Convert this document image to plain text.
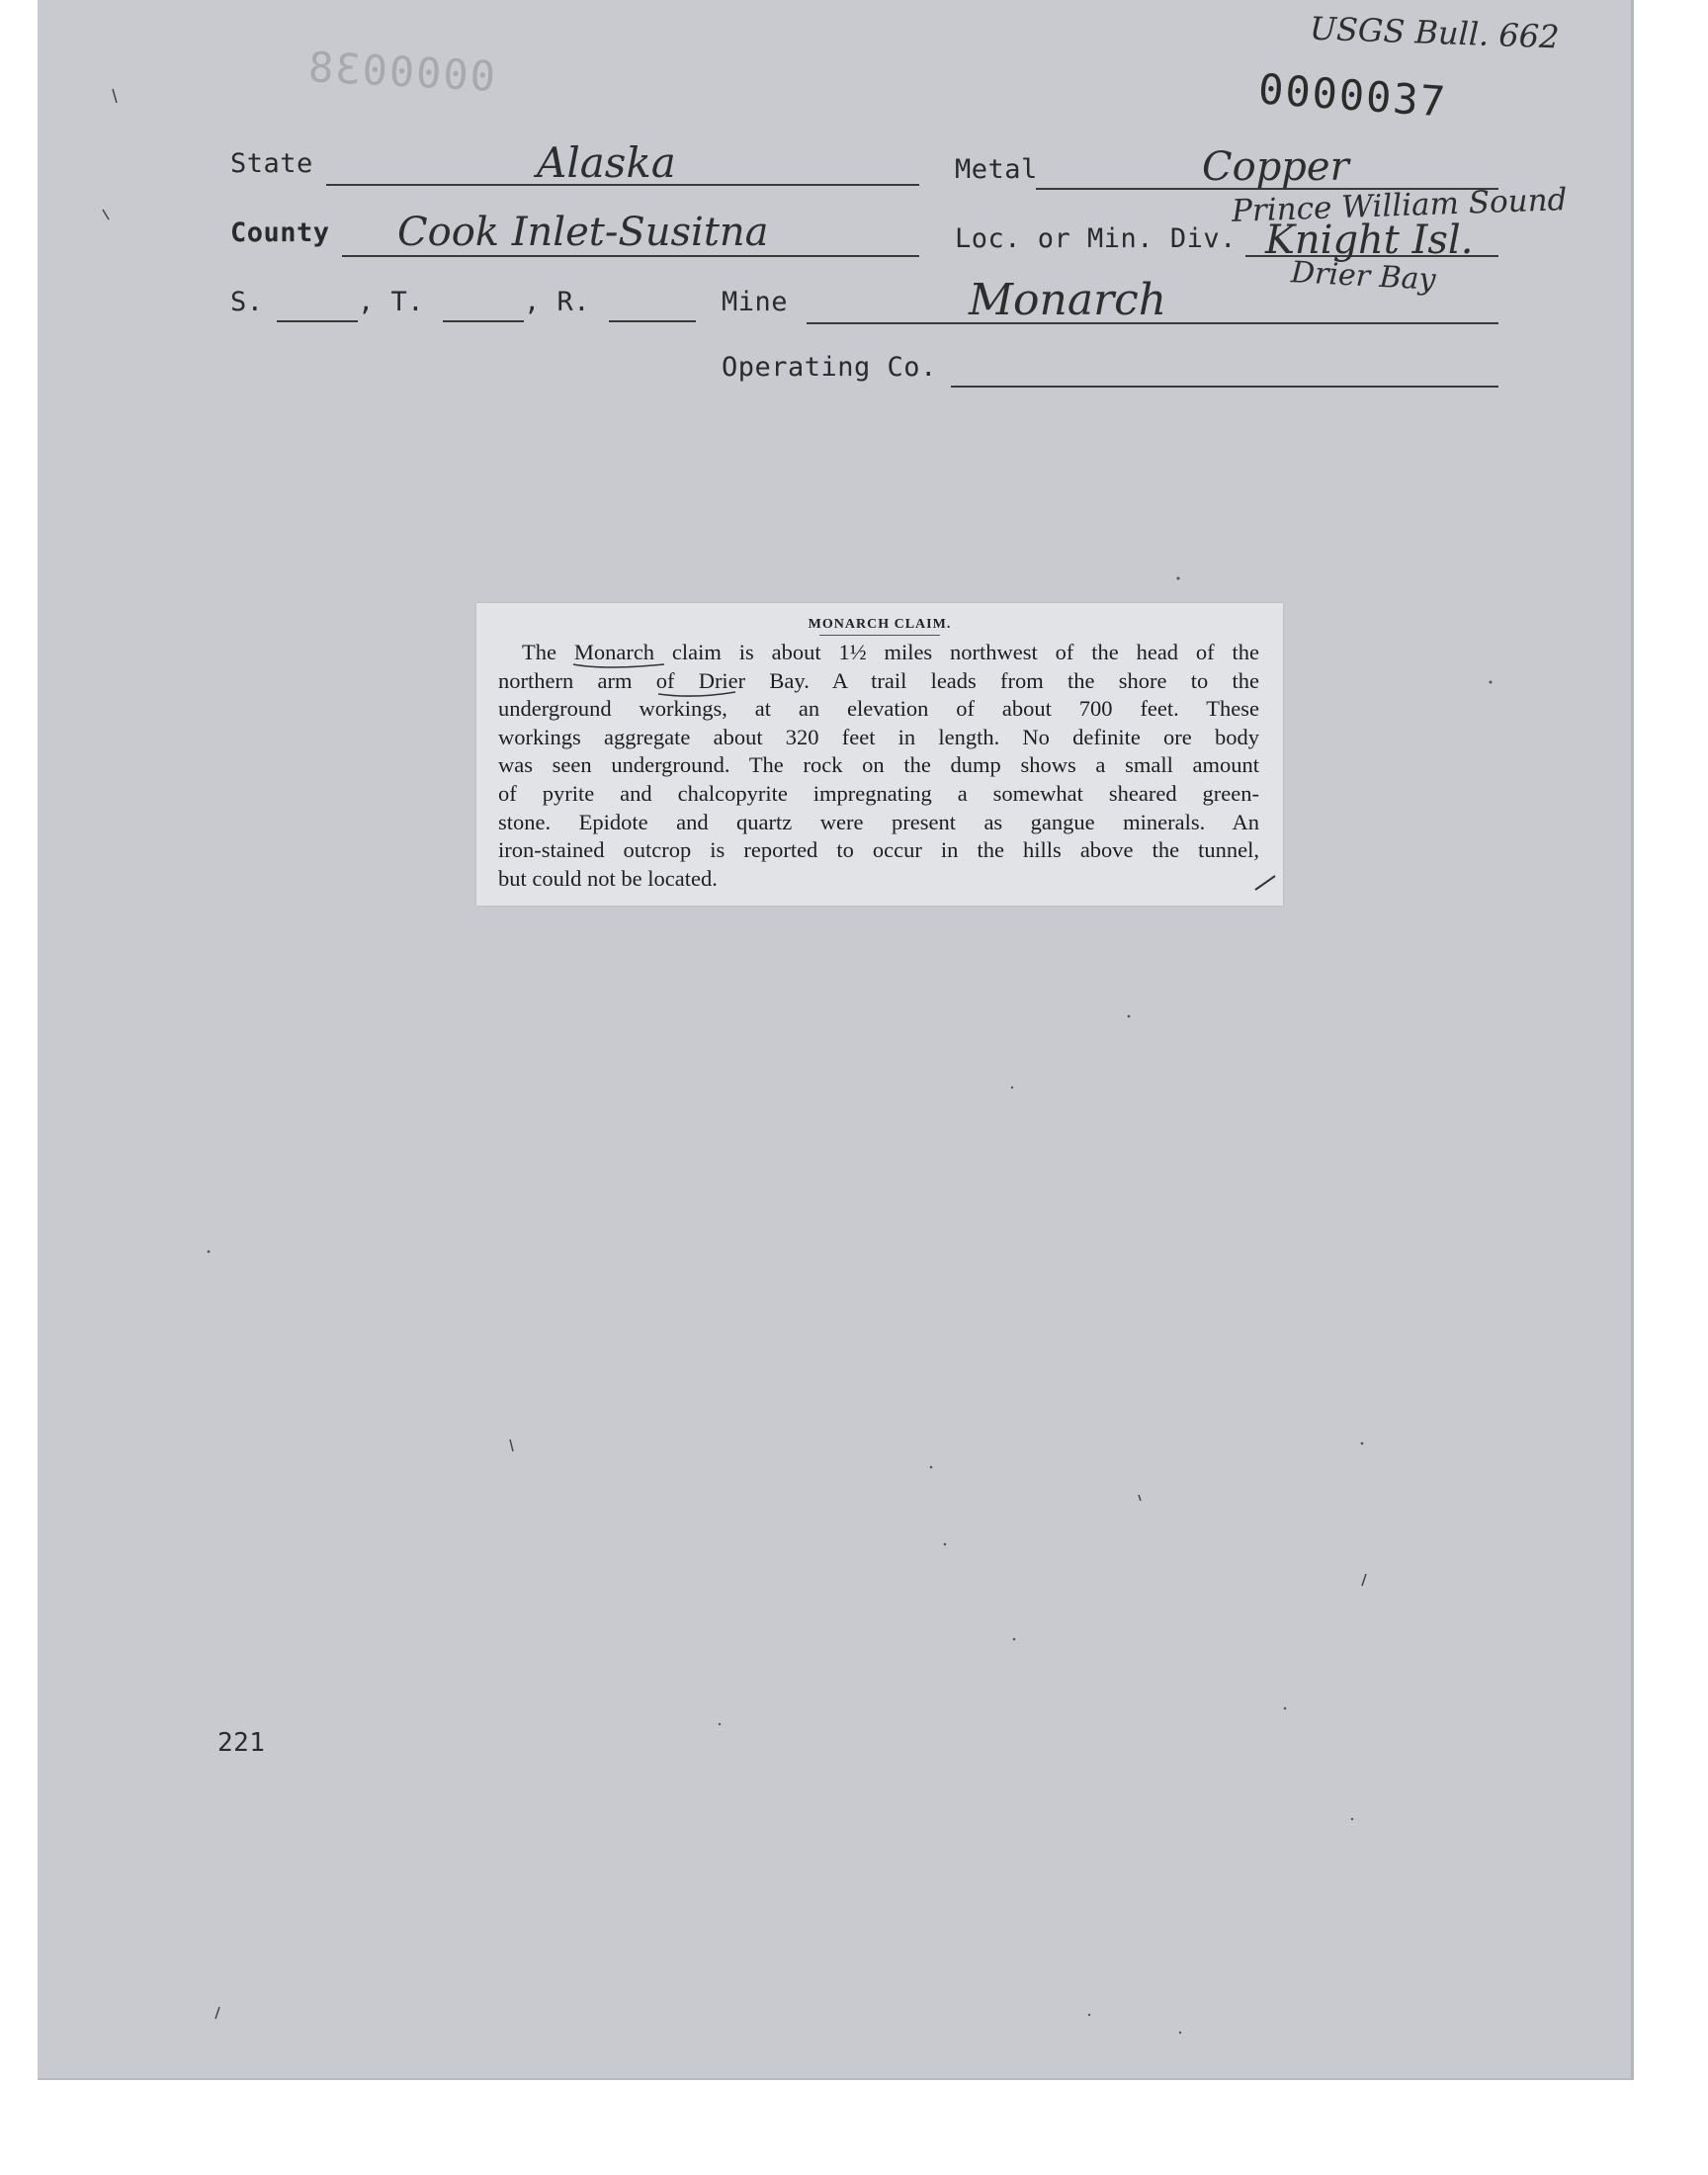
USGS Bull. 662
0000037
0000038
State	Alaska	Metal	Copper
County Cook Inlet-Susitna	Loc. or Min. Div.
Prince William Sound
Knight Isl.
Drier Bay
S.	, T.	, R.	Mine	Monarch
Operating Co.
MONARCH CLAIM.
The Monarch claim is about 1½ miles northwest of the head of the
northern arm of Drier Bay. A trail leads from the shore to the
underground workings, at an elevation of about 700 feet. These
workings aggregate about 320 feet in length. No definite ore body
was seen underground. The rock on the dump shows a small amount
of pyrite and chalcopyrite impregnating a somewhat sheared green-
stone. Epidote and quartz were present as gangue minerals. An
iron-stained outcrop is reported to occur in the hills above the tunnel,
but could not be located.
221
